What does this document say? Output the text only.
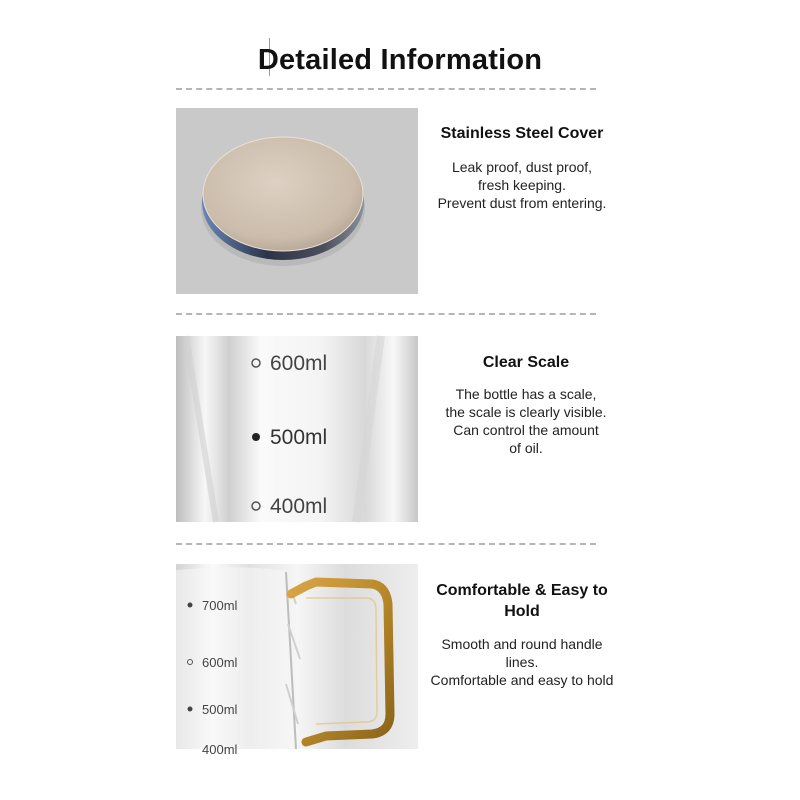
Detailed Information
Stainless Steel Cover
Leak proof, dust proof,
fresh keeping.
Prevent dust from entering.
600ml
500ml
400ml
Clear Scale
The bottle has a scale,
the scale is clearly visible.
Can control the amount
of oil.
700ml
600ml
500ml
400ml
Comfortable & Easy to Hold
Smooth and round handle
lines.
Comfortable and easy to hold
